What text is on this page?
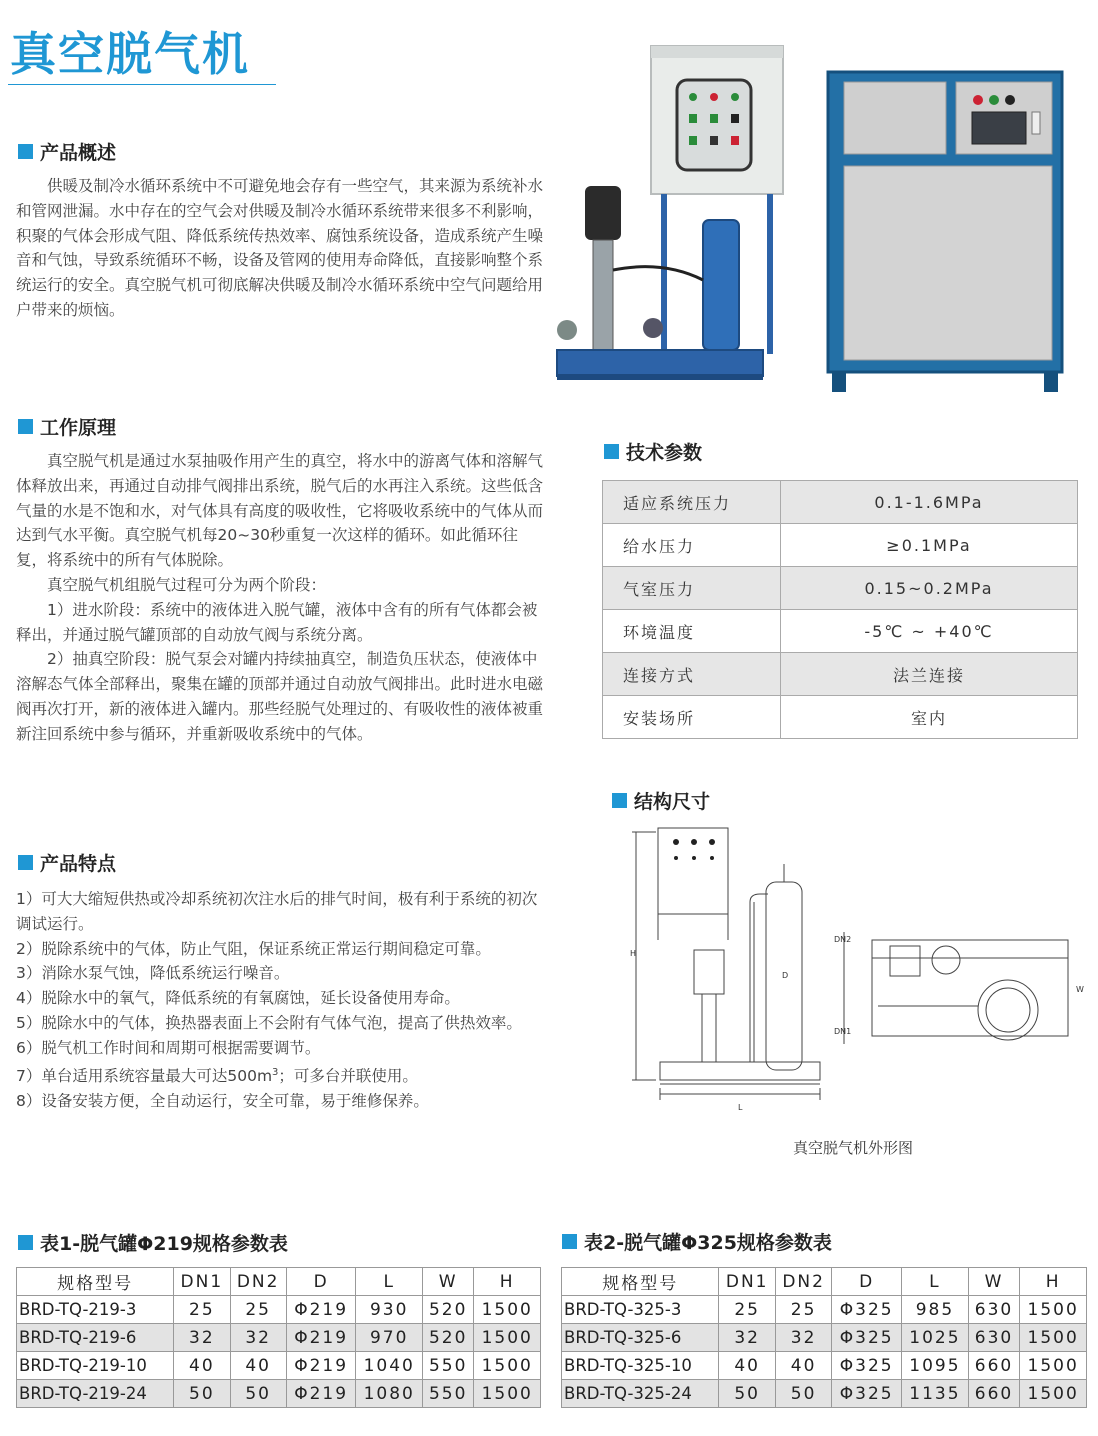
真空脱气机
产品概述

供暖及制冷水循环系统中不可避免地会存有一些空气，其来源为系统补水和管网泄漏。水中存在的空气会对供暖及制冷水循环系统带来很多不利影响，积聚的气体会形成气阻、降低系统传热效率、腐蚀系统设备，造成系统产生噪音和气蚀，导致系统循环不畅，设备及管网的使用寿命降低，直接影响整个系统运行的安全。真空脱气机可彻底解决供暖及制冷水循环系统中空气问题给用户带来的烦恼。

工作原理

真空脱气机是通过水泵抽吸作用产生的真空，将水中的游离气体和溶解气体释放出来，再通过自动排气阀排出系统，脱气后的水再注入系统。这些低含气量的水是不饱和水，对气体具有高度的吸收性，它将吸收系统中的气体从而达到气水平衡。真空脱气机每20~30秒重复一次这样的循环。如此循环往复，将系统中的所有气体脱除。

真空脱气机组脱气过程可分为两个阶段：

1）进水阶段：系统中的液体进入脱气罐，液体中含有的所有气体都会被释出，并通过脱气罐顶部的自动放气阀与系统分离。

2）抽真空阶段：脱气泵会对罐内持续抽真空，制造负压状态，使液体中溶解态气体全部释出，聚集在罐的顶部并通过自动放气阀排出。此时进水电磁阀再次打开，新的液体进入罐内。那些经脱气处理过的、有吸收性的液体被重新注回系统中参与循环，并重新吸收系统中的气体。

技术参数
适应系统压力	0.1-1.6MPa
给水压力	≥0.1MPa
气室压力	0.15~0.2MPa
环境温度	-5℃ ~ +40℃
连接方式	法兰连接
安装场所	室内
结构尺寸
H
L
W
D
DN2
DN1
真空脱气机外形图
产品特点
1）可大大缩短供热或冷却系统初次注水后的排气时间，极有利于系统的初次调试运行。
2）脱除系统中的气体，防止气阻，保证系统正常运行期间稳定可靠。
3）消除水泵气蚀，降低系统运行噪音。
4）脱除水中的氧气，降低系统的有氧腐蚀，延长设备使用寿命。
5）脱除水中的气体，换热器表面上不会附有气体气泡，提高了供热效率。
6）脱气机工作时间和周期可根据需要调节。
7）单台适用系统容量最大可达$500m^3$；可多台并联使用。
8）设备安装方便，全自动运行，安全可靠，易于维修保养。
表1-脱气罐Φ219规格参数表
规格型号	DN1	DN2	D	L	W	H
BRD-TQ-219-3	25	25	Φ219	930	520	1500
BRD-TQ-219-6	32	32	Φ219	970	520	1500
BRD-TQ-219-10	40	40	Φ219	1040	550	1500
BRD-TQ-219-24	50	50	Φ219	1080	550	1500
表2-脱气罐Φ325规格参数表
规格型号	DN1	DN2	D	L	W	H
BRD-TQ-325-3	25	25	Φ325	985	630	1500
BRD-TQ-325-6	32	32	Φ325	1025	630	1500
BRD-TQ-325-10	40	40	Φ325	1095	660	1500
BRD-TQ-325-24	50	50	Φ325	1135	660	1500
